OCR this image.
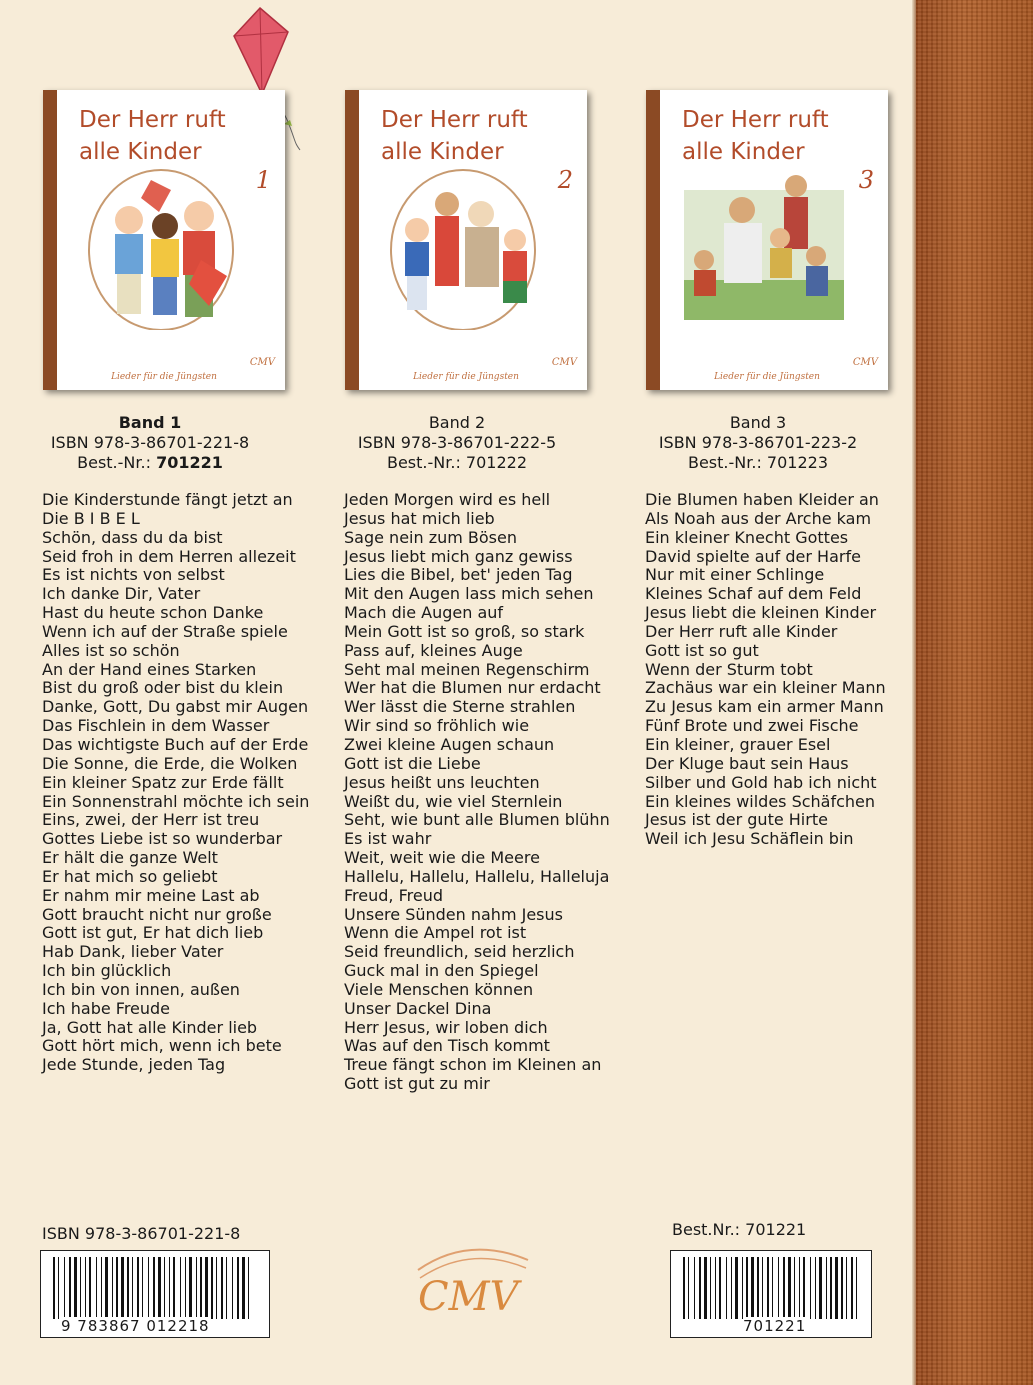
Der Herr ruft alle Kinder
1
CMV
Lieder für die Jüngsten
Band 1
ISBN 978-3-86701-221-8
Best.-Nr.: 701221
Die Kinderstunde fängt jetzt an
Die B I B E L
Schön, dass du da bist
Seid froh in dem Herren allezeit
Es ist nichts von selbst
Ich danke Dir, Vater
Hast du heute schon Danke
Wenn ich auf der Straße spiele
Alles ist so schön
An der Hand eines Starken
Bist du groß oder bist du klein
Danke, Gott, Du gabst mir Augen
Das Fischlein in dem Wasser
Das wichtigste Buch auf der Erde
Die Sonne, die Erde, die Wolken
Ein kleiner Spatz zur Erde fällt
Ein Sonnenstrahl möchte ich sein
Eins, zwei, der Herr ist treu
Gottes Liebe ist so wunderbar
Er hält die ganze Welt
Er hat mich so geliebt
Er nahm mir meine Last ab
Gott braucht nicht nur große
Gott ist gut, Er hat dich lieb
Hab Dank, lieber Vater
Ich bin glücklich
Ich bin von innen, außen
Ich habe Freude
Ja, Gott hat alle Kinder lieb
Gott hört mich, wenn ich bete
Jede Stunde, jeden Tag
Der Herr ruft alle Kinder
2
CMV
Lieder für die Jüngsten
Band 2
ISBN 978-3-86701-222-5
Best.-Nr.: 701222
Jeden Morgen wird es hell
Jesus hat mich lieb
Sage nein zum Bösen
Jesus liebt mich ganz gewiss
Lies die Bibel, bet' jeden Tag
Mit den Augen lass mich sehen
Mach die Augen auf
Mein Gott ist so groß, so stark
Pass auf, kleines Auge
Seht mal meinen Regenschirm
Wer hat die Blumen nur erdacht
Wer lässt die Sterne strahlen
Wir sind so fröhlich wie
Zwei kleine Augen schaun
Gott ist die Liebe
Jesus heißt uns leuchten
Weißt du, wie viel Sternlein
Seht, wie bunt alle Blumen blühn
Es ist wahr
Weit, weit wie die Meere
Hallelu, Hallelu, Hallelu, Halleluja
Freud, Freud
Unsere Sünden nahm Jesus
Wenn die Ampel rot ist
Seid freundlich, seid herzlich
Guck mal in den Spiegel
Viele Menschen können
Unser Dackel Dina
Herr Jesus, wir loben dich
Was auf den Tisch kommt
Treue fängt schon im Kleinen an
Gott ist gut zu mir
Der Herr ruft alle Kinder
3
CMV
Lieder für die Jüngsten
Band 3
ISBN 978-3-86701-223-2
Best.-Nr.: 701223
Die Blumen haben Kleider an
Als Noah aus der Arche kam
Ein kleiner Knecht Gottes
David spielte auf der Harfe
Nur mit einer Schlinge
Kleines Schaf auf dem Feld
Jesus liebt die kleinen Kinder
Der Herr ruft alle Kinder
Gott ist so gut
Wenn der Sturm tobt
Zachäus war ein kleiner Mann
Zu Jesus kam ein armer Mann
Fünf Brote und zwei Fische
Ein kleiner, grauer Esel
Der Kluge baut sein Haus
Silber und Gold hab ich nicht
Ein kleines wildes Schäfchen
Jesus ist der gute Hirte
Weil ich Jesu Schäflein bin
ISBN 978-3-86701-221-8
9 783867 012218
CMV
Best.Nr.: 701221
701221
